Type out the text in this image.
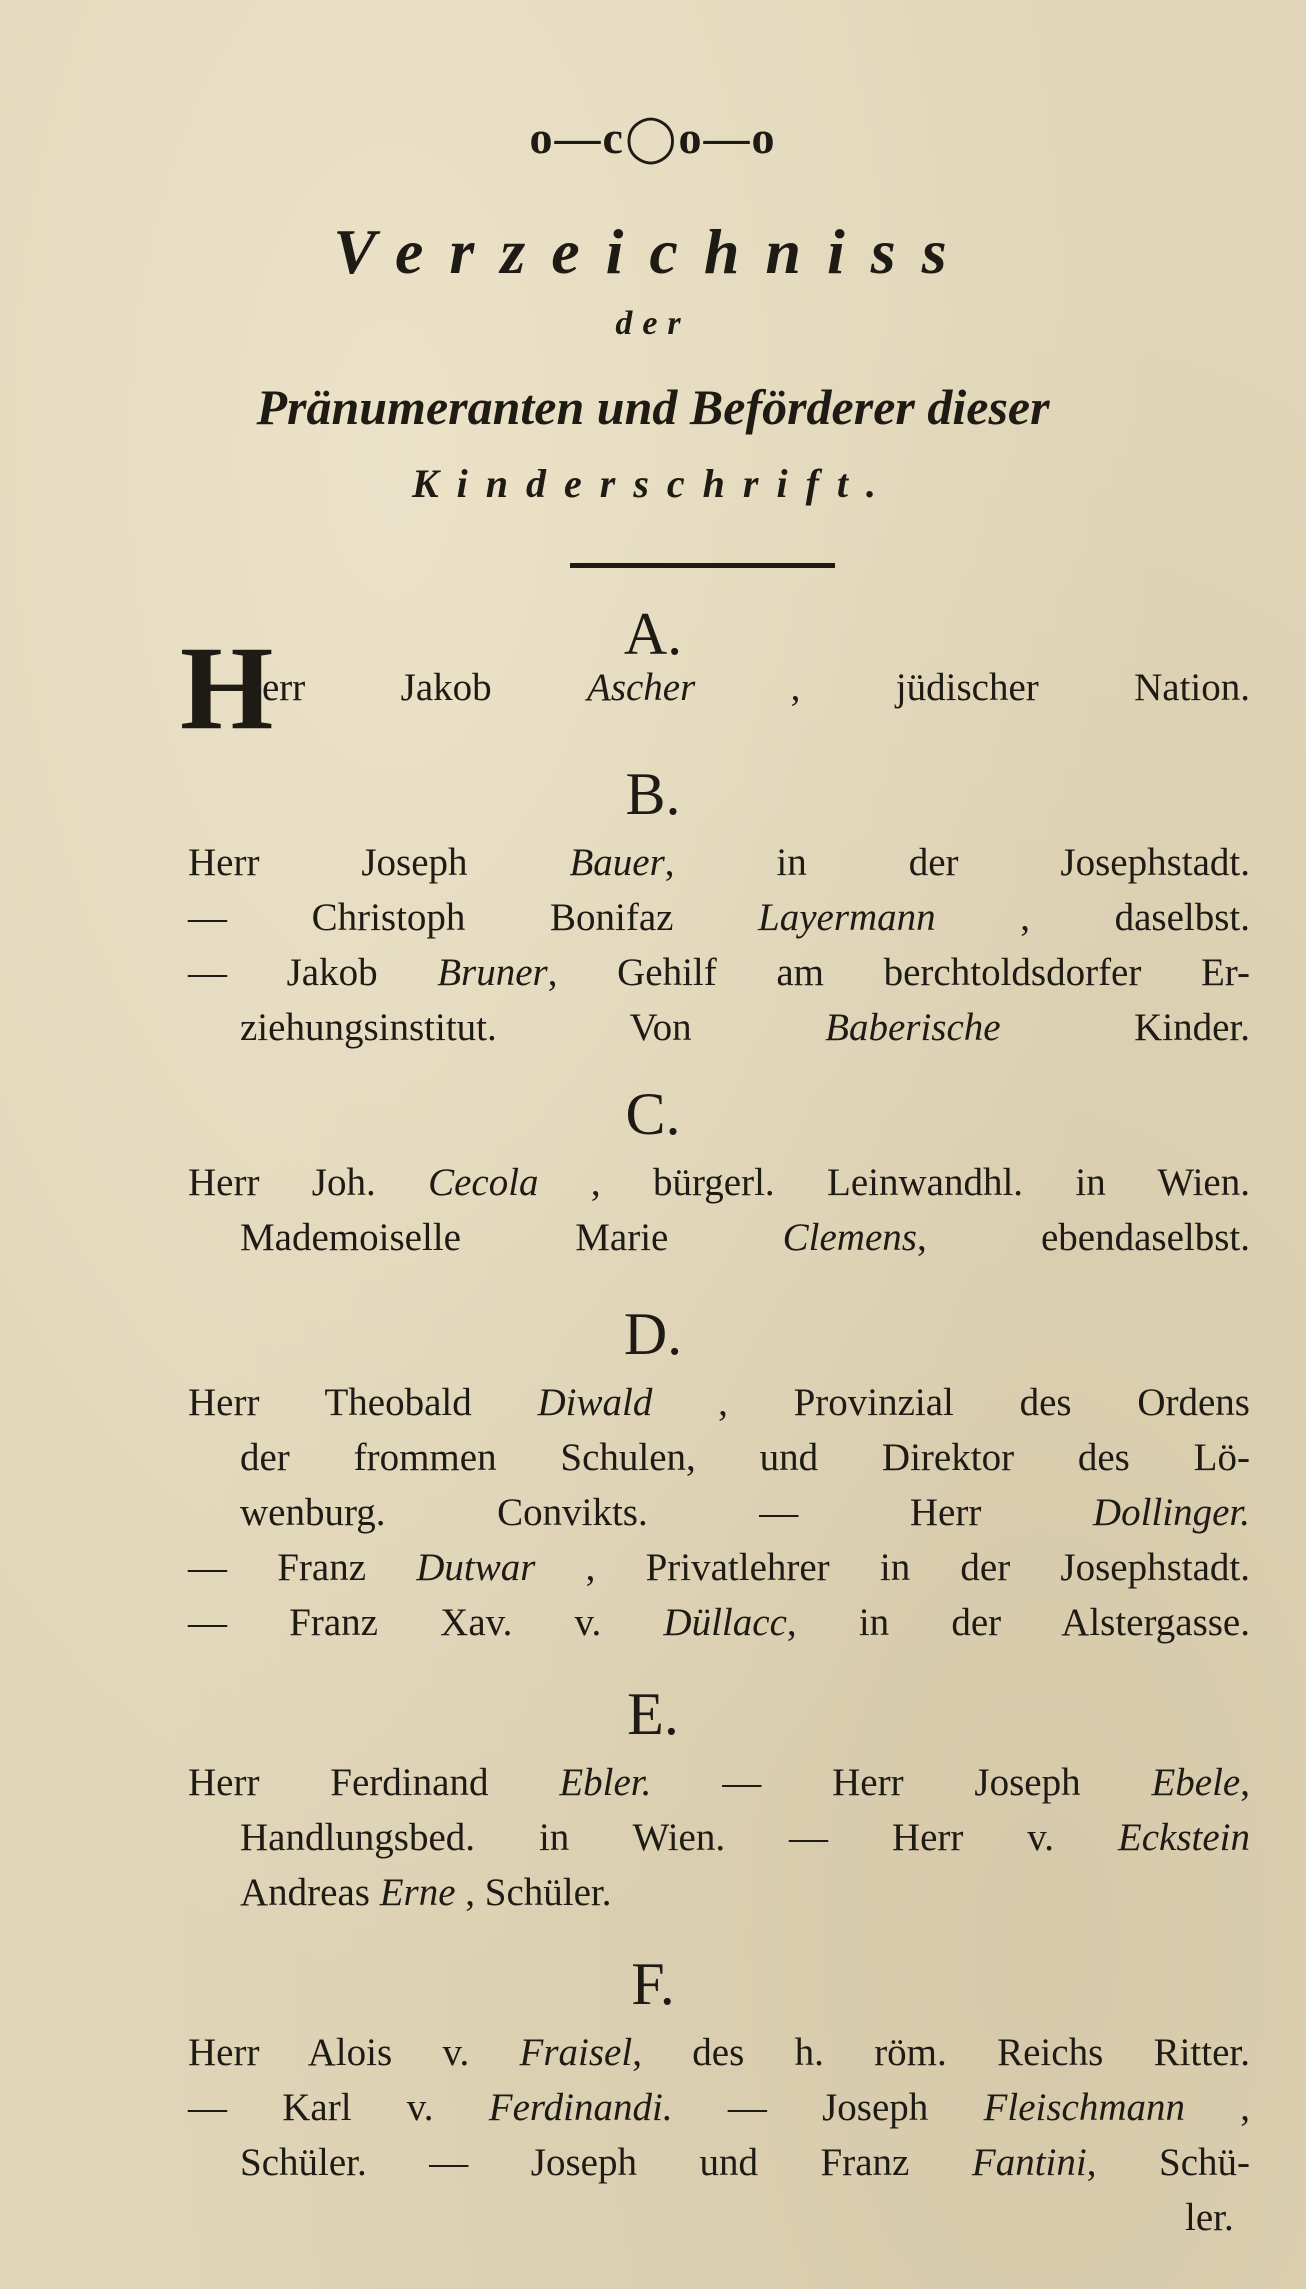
o—c◯o—o
Verzeichniss
der
Pränumeranten und Beförderer dieser
Kinderschrift.
A.
H
err Jakob Ascher , jüdischer Nation.
B.
Herr Joseph Bauer, in der Josephstadt.
— Christoph Bonifaz Layermann , daselbst.
— Jakob Bruner, Gehilf am berchtoldsdorfer Er-
ziehungsinstitut. Von Baberische Kinder.
C.
Herr Joh. Cecola , bürgerl. Leinwandhl. in Wien.
Mademoiselle Marie Clemens, ebendaselbst.
D.
Herr Theobald Diwald , Provinzial des Ordens
der frommen Schulen, und Direktor des Lö-
wenburg. Convikts. — Herr Dollinger.
— Franz Dutwar , Privatlehrer in der Josephstadt.
— Franz Xav. v. Düllacc, in der Alstergasse.
E.
Herr Ferdinand Ebler. — Herr Joseph Ebele,
Handlungsbed. in Wien. — Herr v. Eckstein
Andreas Erne , Schüler.
F.
Herr Alois v. Fraisel, des h. röm. Reichs Ritter.
— Karl v. Ferdinandi. — Joseph Fleischmann ,
Schüler. — Joseph und Franz Fantini, Schü-
ler.
